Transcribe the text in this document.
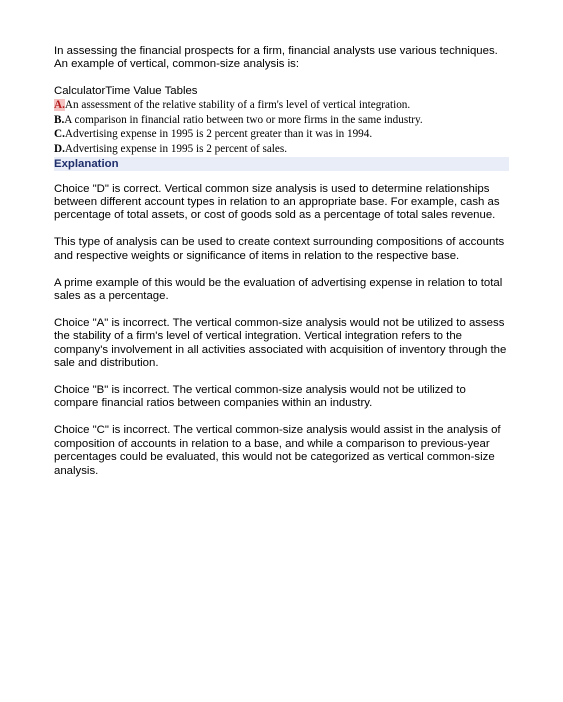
In assessing the financial prospects for a firm, financial analysts use various techniques. An example of vertical, common-size analysis is:

CalculatorTime Value Tables
A.An assessment of the relative stability of a firm's level of vertical integration.
B.A comparison in financial ratio between two or more firms in the same industry.
C.Advertising expense in 1995 is 2 percent greater than it was in 1994.
D.Advertising expense in 1995 is 2 percent of sales.
Explanation

Choice "D" is correct. Vertical common size analysis is used to determine relationships between different account types in relation to an appropriate base. For example, cash as percentage of total assets, or cost of goods sold as a percentage of total sales revenue.

This type of analysis can be used to create context surrounding compositions of accounts and respective weights or significance of items in relation to the respective base.

A prime example of this would be the evaluation of advertising expense in relation to total sales as a percentage.

Choice "A" is incorrect. The vertical common-size analysis would not be utilized to assess the stability of a firm's level of vertical integration. Vertical integration refers to the company's involvement in all activities associated with acquisition of inventory through the sale and distribution.

Choice "B" is incorrect. The vertical common-size analysis would not be utilized to compare financial ratios between companies within an industry.

Choice "C" is incorrect. The vertical common-size analysis would assist in the analysis of composition of accounts in relation to a base, and while a comparison to previous-year percentages could be evaluated, this would not be categorized as vertical common-size analysis.
